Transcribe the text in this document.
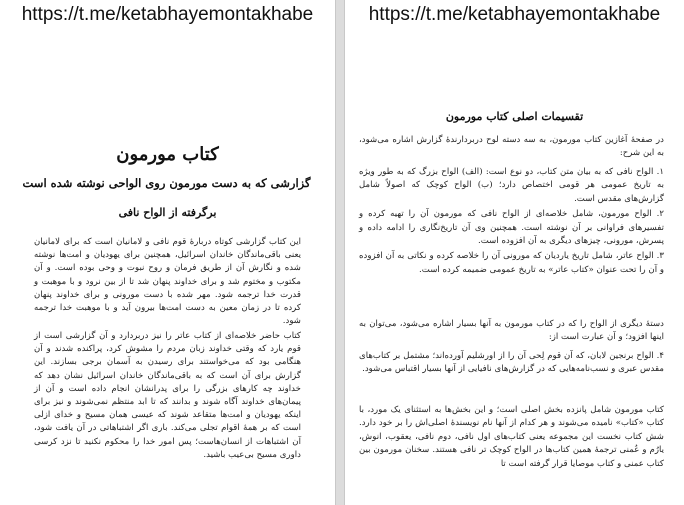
https://t.me/ketabhayemontakhabe
کتاب مورمون
گزارشی که به دست مورمون روی الواحی نوشته شده است
برگرفته از الواح نافی
این کتاب گزارشی کوتاه دربارهٔ قوم نافی و لامانیان است که برای لامانیان یعنی باقی‌ماندگان خاندان اسرائیل، همچنین برای یهودیان و امت‌ها نوشته شده و نگارش آن از طریق فرمان و روح نبوت و وحی بوده است. و آن مکتوب و مختوم شد و برای خداوند پنهان شد تا از بین نرود و با موهبت و قدرت خدا ترجمه شود. مهر شده با دست مورونی و برای خداوند پنهان کرده تا در زمان معین به دست امت‌ها بیرون آید و با موهبت خدا ترجمه شود.
کتاب حاضر خلاصه‌ای از کتاب عاتر را نیز دربردارد و آن گزارشی است از قوم یارد که وقتی خداوند زبان مردم را مشوش کرد، پراکنده شدند و آن هنگامی بود که می‌خواستند برای رسیدن به آسمان برجی بسازند. این گزارش برای آن است که به باقی‌ماندگان خاندان اسرائیل نشان دهد که خداوند چه کارهای بزرگی را برای پدرانشان انجام داده است و آن از پیمان‌های خداوند آگاه شوند و بدانند که تا ابد منتظم نمی‌شوند و نیز برای اینکه یهودیان و امت‌ها متقاعد شوند که عیسی همان مسیح و خدای ازلی است که بر همهٔ اقوام تجلی می‌کند. باری اگر اشتباهاتی در آن یافت شود، آن اشتباهات از انسان‌هاست؛ پس امور خدا را محکوم نکنید تا نزد کرسی داوری مسیح بی‌عیب باشید.
https://t.me/ketabhayemontakhabe
تقسیمات اصلی کتاب مورمون
در صفحهٔ آغازین کتاب مورمون، به سه دسته لوح دربردارندهٔ گزارش اشاره می‌شود، به این شرح:
۱. الواح نافی که به بیان متن کتاب، دو نوع است: (الف) الواح بزرگ که به طور ویژه به تاریخ عمومی هر قومی اختصاص دارد؛ (ب) الواح کوچک که اصولاً شامل گزارش‌های مقدس است.
۲. الواح مورمون، شامل خلاصه‌ای از الواح نافی که مورمون آن را تهیه کرده و تفسیرهای فراوانی بر آن نوشته است. همچنین وی آن تاریخ‌نگاری را ادامه داده و پسرش، مورونی، چیزهای دیگری به آن افزوده است.
۳. الواح عاتر، شامل تاریخ یاردیان که مورونی آن را خلاصه کرده و نکاتی به آن افزوده و آن را تحت عنوان «کتاب عاتر» به تاریخ عمومی ضمیمه کرده است.
دستهٔ دیگری از الواح را که در کتاب مورمون به آنها بسیار اشاره می‌شود، می‌توان به اینها افزود؛ و آن عبارت است از:
۴. الواح برنجین لابان، که آن قوم لِحی آن را از اورشلیم آورده‌اند؛ مشتمل بر کتاب‌های مقدس عبری و نسب‌نامه‌هایی که در گزارش‌های نافیایی از آنها بسیار اقتباس می‌شود.
کتاب مورمون شامل پانزده بخش اصلی است؛ و این بخش‌ها به استثنای یک مورد، با کتاب «کتاب» نامیده می‌شوند و هر کدام از آنها نام نویسندهٔ اصلی‌اش را بر خود دارد. شش کتاب نخست این مجموعه یعنی کتاب‌های اول نافی، دوم نافی، یعقوب، انوش، یارُم و عُمنی ترجمهٔ همین کتاب‌ها در الواح کوچک تر نافی هستند. سخنان مورمون بین کتاب عمنی و کتاب موصایا قرار گرفته است تا
